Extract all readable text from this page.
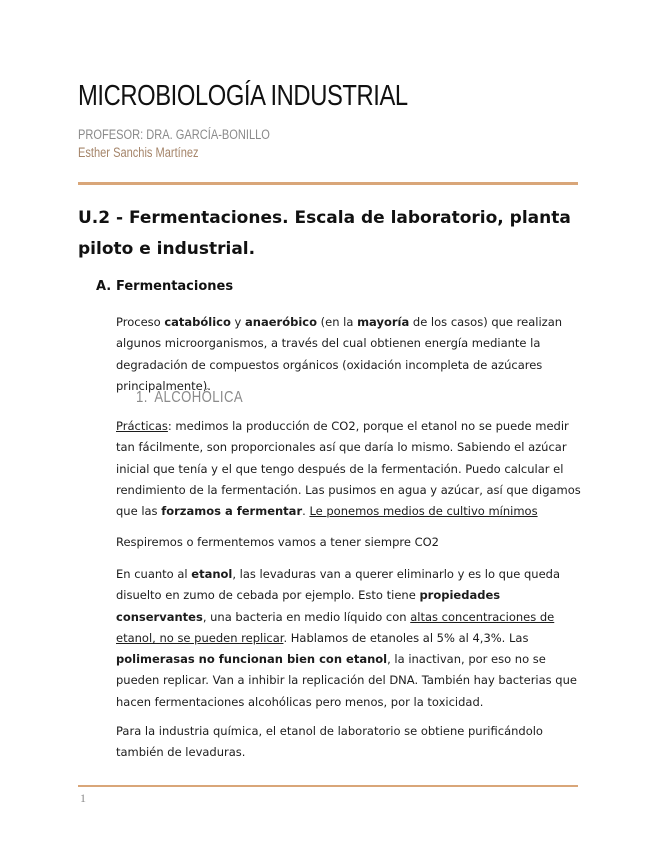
MICROBIOLOGÍA INDUSTRIAL
PROFESOR: DRA. GARCÍA-BONILLO
Esther Sanchis Martínez
U.2 - Fermentaciones. Escala de laboratorio, planta piloto e industrial.
A. Fermentaciones

Proceso catabólico y anaeróbico (en la mayoría de los casos) que realizan algunos microorganismos, a través del cual obtienen energía mediante la degradación de compuestos orgánicos (oxidación incompleta de azúcares principalmente).

1. ALCOHÓLICA

Prácticas: medimos la producción de CO2, porque el etanol no se puede medir tan fácilmente, son proporcionales así que daría lo mismo. Sabiendo el azúcar inicial que tenía y el que tengo después de la fermentación. Puedo calcular el rendimiento de la fermentación. Las pusimos en agua y azúcar, así que digamos que las forzamos a fermentar. Le ponemos medios de cultivo mínimos

Respiremos o fermentemos vamos a tener siempre CO2

En cuanto al etanol, las levaduras van a querer eliminarlo y es lo que queda disuelto en zumo de cebada por ejemplo. Esto tiene propiedades conservantes, una bacteria en medio líquido con altas concentraciones de etanol, no se pueden replicar. Hablamos de etanoles al 5% al 4,3%. Las polimerasas no funcionan bien con etanol, la inactivan, por eso no se pueden replicar. Van a inhibir la replicación del DNA. También hay bacterias que hacen fermentaciones alcohólicas pero menos, por la toxicidad.

Para la industria química, el etanol de laboratorio se obtiene purificándolo también de levaduras.

1
